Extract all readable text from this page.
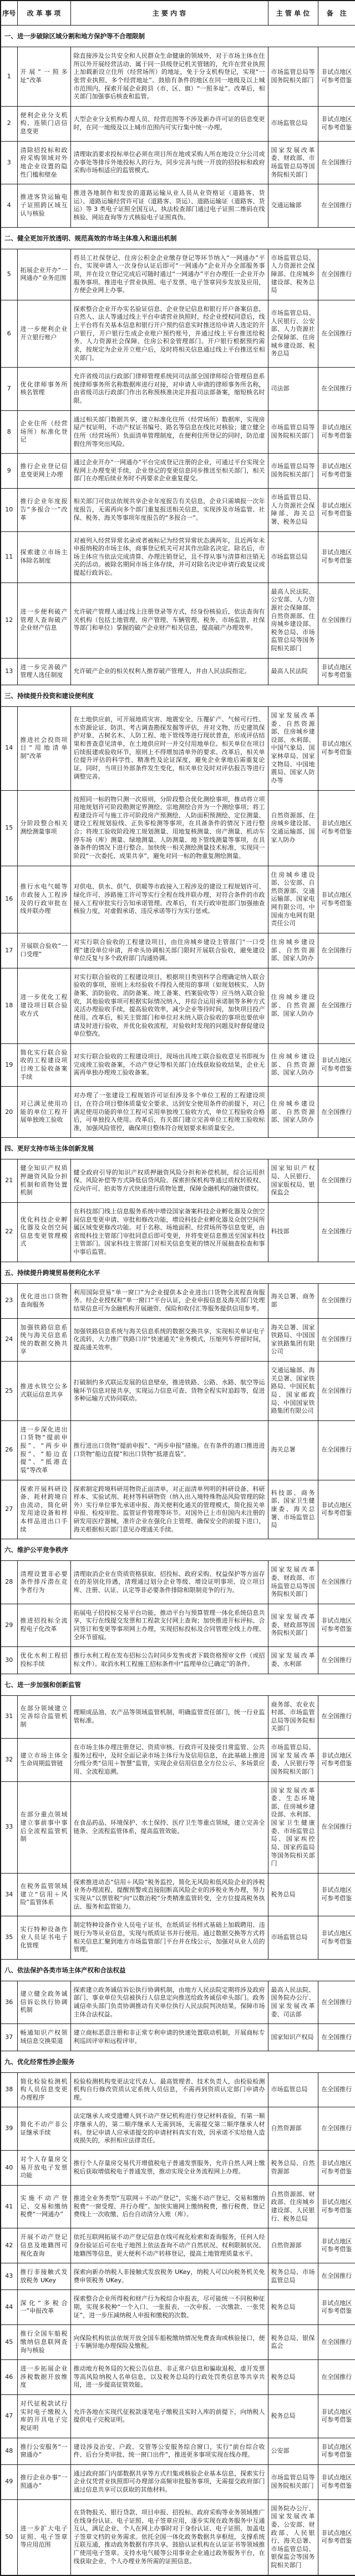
序号	改 革 事 项	主 要 内 容	主 管 单 位	备　注
一、进一步破除区域分割和地方保护等不合理限制				
1	开展“一照多址”改革	除直接涉及公共安全和人民群众生命健康的领域外，对于市场主体在住所以外开展经营活动、属于同一县级登记机关管辖的，允许在营业执照上加载新设立住所（经营场所）的地址，免于分支机构登记，实现“一张营业执照、多个经营地址”。鼓励有条件的地区在同一地级及以上城市范围内，探索开展企业跨县（市、区、旗）“一照多址”。改革后，相关部门加强事后核查和监管。	市场监管总局等国务院相关部门	非试点地区可参考借鉴
2	便利企业分支机构、连锁门店信息变更	大型企业分支机构办理人员、经营范围等不涉及新办许可证的信息变更时，在同一地级及以上城市范围内可实行集中统一办理。	市场监管总局	非试点地区可参考借鉴
3	清除招投标和政府采购领域对外地企业设置的隐性门槛和壁垒	清理取消要求投标单位必须在项目所在地或采购人所在地设立分公司或办事处等排斥外地投标人的行为，同步完善与统一开放的招投标和政府采购市场相适应的监管模式。	国家发展改革委、财政部、市场监管总局等国务院相关部门	在全国推行
4	推进客货运输电子证照跨区域互认与核验	推进各地制作和发放的道路运输从业人员从业资格证（道路客、货运）、道路运输经营许可证（道路客、货运）、道路运输证（道路客、货运）等 3 类电子证照全国互认，执法检查部门通过电子证照二维码在线核验、网站查询等方式核验电子证照真伪。	交通运输部	在全国推行
二、健全更加开放透明、规范高效的市场主体准入和退出机制				
5	拓展企业开办“一网通办”业务范围	将员工社保登记、住房公积金企业缴存登记等环节纳入“一网通办”平台，实现申请人一次身份认证后即可“一网通办”企业开办全部服务事项，并在设立登记完成后可随时通过“一网通办”平台办理任一企业开办服务事项。推进电子营业执照、电子发票、电子签章同步发放及应用，方便企业网上办事。	市场监管总局、人力资源社会保障部、住房城乡建设部、税务总局	在全国推行
6	进一步便利企业开立银行账户	探索整合企业开办实名验证信息、企业登记信息和银行开户备案信息，自然人、法人等通过线上平台申请营业执照时，经企业授权同意后，线上平台将有关基本信息和银行开户预约信息实时推送给申请人选定的开户银行，开户银行生成企业账户预约账号，并通过线上平台推送给税务、人力资源社会保障、住房公积金管理部门。开户银行根据预约需求，按规定为企业开立账户后，及时将相关信息通过线上平台推送至相关部门。	市场监管总局、人民银行、公安部、人力资源社会保障部、住房城乡建设部、税务总局	在全国推行
7	优化律师事务所核名管理	允许省级司法行政部门律师管理系统同司法部全国律师综合管理信息系统律师事务所名称数据库进行对接，对申请人申请的律师事务所名称，由省级司法行政部门作出名称预核准决定并报司法部备案，缩短核名时限。	司法部	在全国推行
8	企业住所（经营场所）标准化登记	通过相关部门数据共享，建立标准化住所（经营场所）数据库，实现房屋产权证明、不动产权证书编号、路名等信息在线比对核验；建立健全住所（经营场所）负面清单管理制度，在便利住所登记的同时，防范虚假住所等突出风险。	市场监管总局等国务院相关部门	非试点地区可参考借鉴
9	推行企业登记信息变更网上办理	通过企业开办“一网通办”平台完成登记注册的企业，可通过平台实现全程网上办理变更手续，企业登记的变更信息同步推送至相关部门，相关部门在办理后续业务时不再要求企业重复提交。	市场监管总局等国务院相关部门	非试点地区可参考借鉴
10	推行企业年度报告“多报合一”改革	相关部门可依法依规共享企业年度报告有关信息，企业只需填报一次年度报告，无需再向多个部门重复报送相关信息，实现涉及市场监管、社保、税务、海关等事项年度报告的“多报合一”。	市场监管总局、人力资源社会保障部、海关总署、税务总局	非试点地区可参考借鉴
11	探索建立市场主体除名制度	对被列入经营异常名录或者被标记为经营异常状态满两年，且近两年未申报纳税的市场主体，商事登记机关可对其作出除名决定。除名后，市场主体应当依法完成清算、办理注销登记，且不得从事与清算和注销无关的活动。被除名期间市场主体存续，并可对除名决定申请行政复议或提起行政诉讼。	市场监管总局	非试点地区可参考借鉴
12	进一步便利破产管理人查询破产企业财产信息	允许破产管理人通过线上注册登录等方式，经身份核验后，依法查询有关机构（包括土地管理、房产管理、车辆管理、税务、市场监管、社保等部门和单位）掌握的破产企业财产相关信息，提高破产办理效率。	最高人民法院、公安部、人力资源社会保障部、自然资源部、住房城乡建设部、税务总局、市场监管总局等国务院相关部门	在全国推行
13	进一步完善破产管理人选任制度	允许破产企业的相关权利人推荐破产管理人，并由人民法院指定。	最高人民法院	非试点地区可参考借鉴
三、持续提升投资和建设便利度				
14	推进社会投资项目“用地清单制”改革	在土地供应前，可开展地质灾害、地震安全、压覆矿产、气候可行性、水资源论证、防洪、考古调查勘探发掘等评估，并对文物、历史建筑保护对象、古树名木、人防工程、地下管线等进行现状普查，形成评估结果和普查意见清单，在土地供应时一并交付用地单位。相关单位在项目后续报建或验收环节，原则上不得增加清单外的要求。改革后，相关单位提升评估的科学性、精准性及论证深度，避免企业拿地后需重复论证。同时，当项目外部条件发生变化，相关单位及时对评估报告等进行调整完善。	国家发展改革委、自然资源部、住房城乡建设部、水利部、中国气象局、国家林草局、国家文物局、中国地震局、国家人防办等	非试点地区可参考借鉴
15	分阶段整合相关测绘测量事项	按照同一标的物只测一次原则，分阶段整合优化测绘事项，推动将立项用地规划许可阶段勘测定界测绘、宗地测绘合并为一个测绘事项；将工程建设许可与施工许可阶段房产预测绘、人防面积预测绘、定位测量、建设工程规划验线、正负零检测等事项，在具备条件的情况下进行整合；将竣工验收阶段竣工规划测量、用地复核测量、房产测量、机动车停车场（库）测量、绿地测量、人防测量、地下管线测量等事项，在具备条件的情况下进行整合。加快统一相关测绘测量技术标准，实现同一阶段“一次委托、成果共享”，避免对同一标的物重复测绘测量。	自然资源部、住房城乡建设部、交通运输部、国家人防办	非试点地区可参考借鉴
16	推行水电气暖等市政接入工程涉及的行政审批在线并联办理	对供电、供水、供气、供暖等市政接入工程涉及的建设工程规划许可、绿化许可、涉路施工许可等实行全程在线并联办理，对符合条件的市政接入工程审批实行告知承诺管理。改革后，有关行政审批部门加强抽查核验力度，对虚假承诺、违反承诺等行为实行惩戒。	住房城乡建设部、公安部、自然资源部、交通运输部、国家电网有限公司、中国南方电网有限责任公司	非试点地区可参考借鉴
17	开展联合验收“一口受理”	对实行联合验收的工程建设项目，由住房城乡建设主管部门“一口受理”建设单位申请，并牵头协调相关部门限时开展联合验收，避免建设单位反复与多个政府部门沟通协调。	住房城乡建设部、自然资源部、国家人防办	在全国推行
18	进一步优化工程建设项目联合验收方式	对实行联合验收的工程建设项目，根据项目类别科学合理确定纳入联合验收的事项，原则上未经验收不得投入使用的事项（如规划核实、人防备案、消防验收、消防备案、竣工备案、档案验收等）应当纳入联合验收，其他验收事项可根据实际情况纳入，并综合运用承诺制等多种方式灵活办理验收手续，提高验收效率，减少企业等待时间，加快项目投产使用。改革后，相关主管部门和单位对未纳入联合验收的事项也要依申请及时进行验收，并优化验收流程，对验收时发现的问题及时督促建设单位整改。	住房城乡建设部、自然资源部、国家人防办	在全国推行
19	简化实行联合验收的工程建设项目竣工验收备案手续	对实行联合验收的工程建设项目，现场出具竣工联合验收意见书即视为完成竣工验收备案，不动产登记等相关部门在线获取验收结果，企业无需再单独办理竣工验收备案。	住房城乡建设部、自然资源部、国家人防办	非试点地区可参考借鉴
20	对已满足使用功能的单位工程开展单独竣工验收	对办理了一张建设工程规划许可证但涉及多个单位工程的工程建设项目，在符合项目整体质量安全要求、达到安全使用条件的前提下，对已满足使用功能的单位工程可采用单独竣工验收方式，单位工程验收合格后，可单独投入使用。改革后，有关部门建立完善单位工程竣工验收标准，加强风险管控，确保项目整体符合规划要求和质量安全。	住房城乡建设部、自然资源部、国家人防办	在全国推行
四、更好支持市场主体创新发展				
21	健全知识产权质押融资风险分担机制和质物处置机制	健全政府引导的知识产权质押融资风险分担和补偿机制，综合运用担保、风险补偿等方式降低信贷风险。探索担保机构等通过质权转股权、反向许可、拍卖等方式快速进行质物处置，保障金融机构的融资债权。	国家知识产权局、人民银行、国家版权局、银保监会	在全国推行
22	优化科技企业孵化器及众创空间信息变更管理模式	在科技部门线上信息服务系统中增设国家备案科技企业孵化器及众创空间信息变更申请、审批和修改功能，增设科技企业孵化器及众创空间所属区域变更修改功能。对于名称、场地面积、经营场所等信息变更，由省级科技主管部门审批同意后即可变更，并将变更信息推送至国家科技主管部门。国家科技主管部门对相关信息变更的情况开展抽查检查和事中事后监管。	科技部	在全国推行
五、持续提升跨境贸易便利化水平				
23	优化进出口货物查询服务	利用国际贸易“单一窗口”为企业提供本企业进出口货物全流程查询服务。经企业授权和“单一窗口”平台认证，企业申报信息及海关部门处理结果信息可为金融机构开展融资、保险和收付汇等服务提供信用参考。	海关总署、商务部	在全国推行
24	加强铁路信息系统与海关信息系统的数据交换共享	加强铁路信息系统与海关信息系统的数据交换共享，实现相关单证电子化流转，大力推广铁路口岸“快速通关”业务模式，压缩列车停留时间，提高通关效率。	海关总署、国家铁路局、中国国家铁路集团有限公司	在全国推行
25	推进水铁空公多式联运信息共享	打破制约多式联运发展的信息壁垒，推进铁路、公路、水路、航空等运输环节信息对接共享，实现运力信息可查、货物全程实时追踪等，促进多种运输方式协同联动。	交通运输部、海关总署、国家铁路局、中国民航局、国家邮政局、中国国家铁路集团有限公司	在全国推行
26	进一步深化进出口货物“提前申报”、“两步申报”、“船边直提”、“抵港直装”等改革	推行进出口货物“提前申报”、“两步申报”措施。在有条件的港口推进进口货物“船边直提”和出口货物“抵港直装”。	海关总署	在全国推行
27	探索开展科研设备、耗材跨境自由流动，简化研发用途设备和样本样品进出口手续	探索制定跨境科研用物资正面清单，对正面清单列明的科研设备、科研样本、实验试剂、耗材等科研物资（纳入出入境特殊物品风险管理的除外）实行单位事先承诺申报、海关便利化通关的管理模式，简化报关单申报、检疫审批、监管证件管理等环节。对国外已上市但国内未注册的研发用医疗器械，准许企业在强化自主管理、确保安全的前提下进口，海关根据相关部门意见办理通关手续。	科技部、商务部、国家卫生健康委、海关总署、市场监管总局	非试点地区可参考借鉴
六、维护公平竞争秩序				
28	清理设置非必要条件排斥潜在竞争者行为	清理取消企业在资质资格获取、招投标、政府采购、权益保护等方面存在的差别化待遇，清理通过划分企业等级、增设证明事项、设立项目库、注册、认证、认定等非必要条件排除和限制竞争的行为。	国家发展改革委、财政部、市场监管总局等国务院相关部门	在全国推行
29	推进招投标全流程电子化改革	拓展电子招投标交易平台功能，推动平台与预算管理一体化系统信息共享，实行在线提交发票和工程款支付网上查询；加快推进开标评标、合同签订和变更等事项网上办理，实现招标投标及合同管理全线上办理、全环节留痕。	国家发展改革委、财政部等国务院相关部门	非试点地区可参考借鉴
30	优化水利工程招投标手续	推行水利工程在发布招标公告时同步发售或者下载资格预审文件（或招标文件）。取消水利工程施工招标条件中“监理单位已确定”的条件。	国家发展改革委、水利部	在全国推行
七、进一步加强和创新监管				
31	在部分领域建立完善综合监管机制	理顺成品油、农产品等领域监管机制，明确监管责任部门，统一行业监管标准。	商务部、农业农村部、市场监管总局等国务院相关部门	在全国推行
32	建立市场主体全生命周期监管链	在市场主体办理注册登记、资质审核、行政许可及接受日常监管、公共服务过程中，及时全面记录市场主体行为及信用信息，在此基础上推进分级分类“信用＋智慧”监管，实现企业信用信息全方位公示、多场景应用、全流程追溯。	市场监管总局、国家发展改革委、人民银行等国务院相关部门	非试点地区可参考借鉴
33	在部分重点领域建立事前事中事后全流程监管机制	在食品药品、环境保护、水土保持、医疗卫生等重点领域，建立完善全链条、全流程监管体系，提高监管效能。	国家发展改革委、生态环境部、住房城乡建设部、水利部、国家卫生健康委、市场监管总局、国家疾控局、国家药监局等国务院相关部门	在全国推行
34	在税务监管领域建立“信用＋风险”监管体系	探索推进动态“信用＋风险”税务监控，简化无风险和低风险企业的涉税业务办理流程，提醒预警或直接阻断高风险企业的涉税业务办理，努力实现从“以票管税”向“以数治税”分类精准监管转变，全方位提高税务执法、服务和监管能力。	税务总局	非试点地区可参考借鉴
35	实行特种设备作业人员证书电子化管理	制定特种设备作业人员电子证书，在纸质证书样式基础上加载聘用、违规行为等从业信息，实现与纸质证书并行使用。通过数据交换等方式将相关信息汇聚到地方市场监管部门平台并在线公示，加强对从业人员的管理。	市场监管总局	非试点地区可参考借鉴
八、依法保护各类市场主体产权和合法权益				
36	建立健全政务诚信诉讼执行协调机制	探索建立政务诚信诉讼执行协调机制，由地方人民法院定期将涉及政府部门、事业单位失信被执行人信息定向推送给政务诚信牵头部门。政务诚信牵头部门负责协调推动有关单位执行人民法院判决结果，保障市场主体合法权益。	最高人民法院、国务院办公厅、国家发展改革委、司法部	在全国推行
37	畅通知识产权领域信息交换渠道	建立商标恶意注册和非正常专利申请的快速处置联动机制，开展商标专利巡回评审和远程评审。	国家知识产权局	在全国推行
九、优化经常性涉企服务				
38	简化检验检测机构人员信息变更办理程序	检验检测机构变更法定代表人、最高管理者、技术负责人，由检验检测机构自行修改资质认定系统人员信息，不需再到资质认定部门申请办理。	市场监管总局	在全国推行
39	简化不动产非公证继承手续	法定继承人或受遗赠人到不动产登记机构进行登记材料查验，有第一顺序继承人的，第二顺序继承人无需到场，无需提交第二顺序继承人材料。登记申请人应承诺提交的申请材料真实有效，因承诺不实给他人造成损失的，承担相应法律责任。	自然资源部	在全国推行
40	对个人存量房交易开放电子发票功能	推行个人存量房交易代开增值税电子普通发票服务，允许自然人网上缴税后获取增值税电子普通发票，推动实现全业务流程网上办理。	税务总局、自然资源部	非试点地区可参考借鉴
41	实施不动产登记、交易和缴纳税费“一网通办”	推进全业务类型“互联网＋不动产登记”，实施不动产登记、交易和缴纳税费“一窗受理、并行办理”。加快实施网上缴纳税费，推行税费、登记费线上一次收缴、后台自动清分入账（库）。	自然资源部、财政部、住房城乡建设部、人民银行、税务总局	非试点地区可参考借鉴
42	开展不动产登记信息及地籍图可视化查询	依托互联网拓展不动产登记信息在线可视化检索和查询服务，任何人经身份验证后可在电子地图上依法查询不动产自然状况、权利限制状况、地籍图等信息，更大便利不动产转移登记，提高土地管理质量水平。	自然资源部	非试点地区可参考借鉴
43	推行非接触式发放税务 UKey	探索向新办纳税人非接触式发放税务 UKey，纳税人可以向税务机关免费申领税务 UKey。	税务总局、市场监管总局	在全国推行
44	深化“多税合一”申报改革	探索整合企业所得税和财产行为税综合申报表，尽可能统一不同税种征期，实现多税种“一个入口、一张报表、一次申报、一次缴款、一张凭证”，进一步压减纳税人申报和缴税的次数。	税务总局	非试点地区可参考借鉴
45	推行全国车船税缴纳信息联网查询与核验	向保险机构依法依规开放全国车船税缴纳情况免费查询或核验接口，便于车辆异地办理保险及缴税。	税务总局、银保监会	在全国推行
46	进一步拓展企业涉税数据开放维度	推动地方税务局的欠税公告信息、非正常户信息和骗取退税、虚开发票等高风险纳税人名单信息，以及税务总局的行政处罚类信息等共享共用，进一步提高征管效能。	税务总局	在全国推行
47	对代征税款试行实时电子缴税入库的开具电子完税证明	允许各地在实现代征税款逐笔电子缴税且实时入库的前提下，向纳税人提供电子完税证明。	税务总局	非试点地区可参考借鉴
48	推行公安服务“一窗通办”	建设涉及治安、户政、交管等公安服务综合窗口，实行“前台综合收件、后台分类审批、统一窗口出件”，推进更多事项实现在线办理。	公安部	非试点地区可参考借鉴
49	推行企业办事“一照通办”	通过政府部门内部数据共享等方式归集或核验企业基本信息，探索实行企业仅凭营业执照即可办理部分高频审批服务事项，无需提交政府部门通过信息共享可以获取的其他材料。	市场监管总局等国务院相关部门	非试点地区可参考借鉴
50	进一步扩大电子证照、电子签章等应用范围	在货物报关、银行贷款、项目申报、招投标、政府采购等业务领域推广在线身份认证、电子证照、电子签章应用，逐步实现在政务服务中互通互认，满足企业、个人在网上办事时对于身份认证、电子证照、加盖电子签章文档的业务需求。依托全国一体化政务数据共享枢纽，支撑系统互联互通，推动政务数据有序共享。鼓励认证机构在认证证书等领域推广使用电子签章。支持水电气暖等公用事业企业通过政务服务平台，在线获取企业、个人办理业务所需的证照信息。	国务院办公厅、国家发展改革委、公安部、财政部、人民银行、海关总署、市场监管总局、银保监会等国务院相关部门	非试点地区可参考借鉴
